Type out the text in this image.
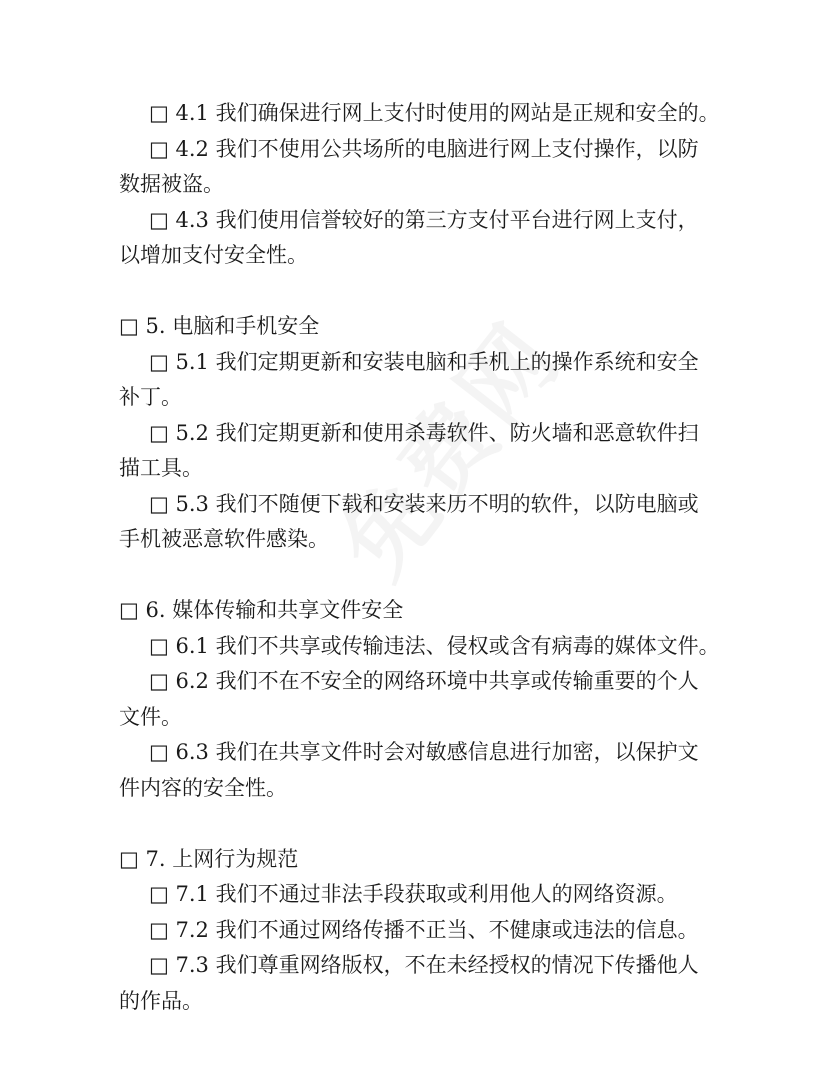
□ 4.1 我们确保进行网上支付时使用的网站是正规和安全的。
□ 4.2 我们不使用公共场所的电脑进行网上支付操作，以防
数据被盗。
□ 4.3 我们使用信誉较好的第三方支付平台进行网上支付，
以增加支付安全性。
□ 5. 电脑和手机安全
□ 5.1 我们定期更新和安装电脑和手机上的操作系统和安全
补丁。
□ 5.2 我们定期更新和使用杀毒软件、防火墙和恶意软件扫
描工具。
□ 5.3 我们不随便下载和安装来历不明的软件，以防电脑或
手机被恶意软件感染。
□ 6. 媒体传输和共享文件安全
□ 6.1 我们不共享或传输违法、侵权或含有病毒的媒体文件。
□ 6.2 我们不在不安全的网络环境中共享或传输重要的个人
文件。
□ 6.3 我们在共享文件时会对敏感信息进行加密，以保护文
件内容的安全性。
□ 7. 上网行为规范
□ 7.1 我们不通过非法手段获取或利用他人的网络资源。
□ 7.2 我们不通过网络传播不正当、不健康或违法的信息。
□ 7.3 我们尊重网络版权，不在未经授权的情况下传播他人
的作品。
